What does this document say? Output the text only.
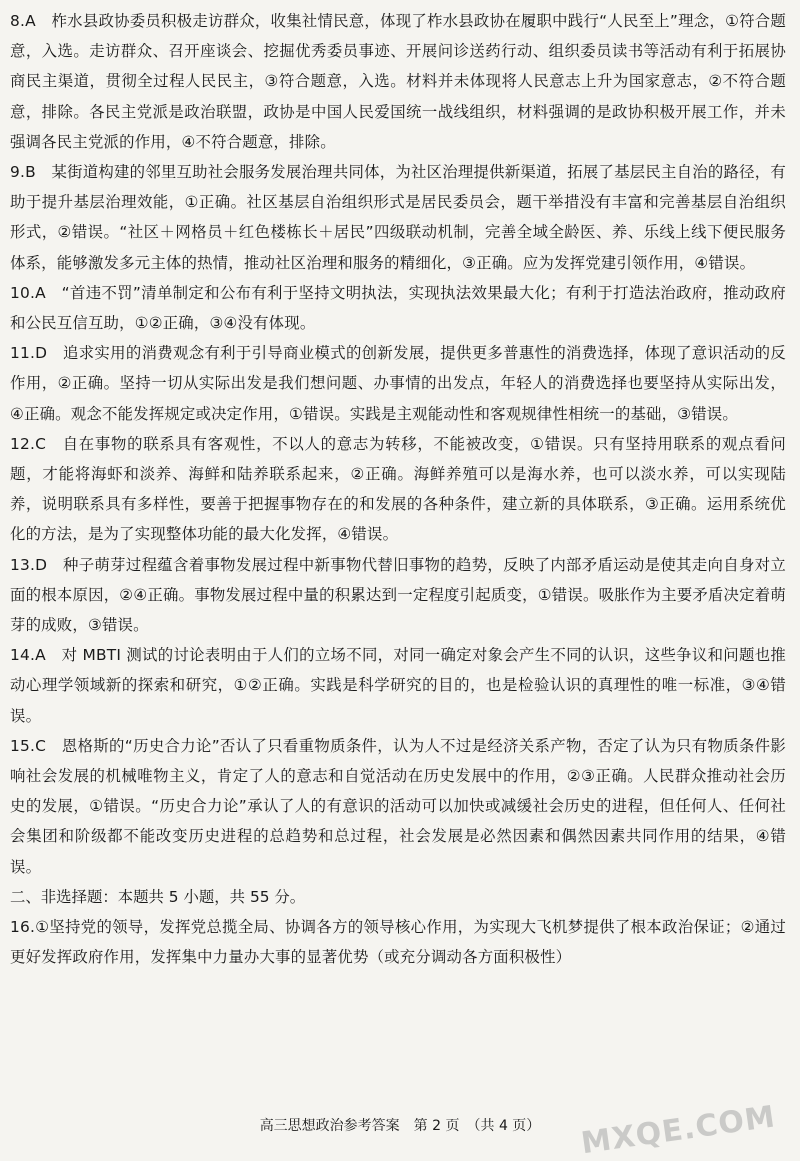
8.A　柞水县政协委员积极走访群众，收集社情民意，体现了柞水县政协在履职中践行“人民至上”理念，①符合题意，入选。走访群众、召开座谈会、挖掘优秀委员事迹、开展问诊送药行动、组织委员读书等活动有利于拓展协商民主渠道，贯彻全过程人民民主，③符合题意，入选。材料并未体现将人民意志上升为国家意志，②不符合题意，排除。各民主党派是政治联盟，政协是中国人民爱国统一战线组织，材料强调的是政协积极开展工作，并未强调各民主党派的作用，④不符合题意，排除。

9.B　某街道构建的邻里互助社会服务发展治理共同体，为社区治理提供新渠道，拓展了基层民主自治的路径，有助于提升基层治理效能，①正确。社区基层自治组织形式是居民委员会，题干举措没有丰富和完善基层自治组织形式，②错误。“社区＋网格员＋红色楼栋长＋居民”四级联动机制，完善全域全龄医、养、乐线上线下便民服务体系，能够激发多元主体的热情，推动社区治理和服务的精细化，③正确。应为发挥党建引领作用，④错误。

10.A　“首违不罚”清单制定和公布有利于坚持文明执法，实现执法效果最大化；有利于打造法治政府，推动政府和公民互信互助，①②正确，③④没有体现。

11.D　追求实用的消费观念有利于引导商业模式的创新发展，提供更多普惠性的消费选择，体现了意识活动的反作用，②正确。坚持一切从实际出发是我们想问题、办事情的出发点，年轻人的消费选择也要坚持从实际出发，④正确。观念不能发挥规定或决定作用，①错误。实践是主观能动性和客观规律性相统一的基础，③错误。

12.C　自在事物的联系具有客观性，不以人的意志为转移，不能被改变，①错误。只有坚持用联系的观点看问题，才能将海虾和淡养、海鲜和陆养联系起来，②正确。海鲜养殖可以是海水养，也可以淡水养，可以实现陆养，说明联系具有多样性，要善于把握事物存在的和发展的各种条件，建立新的具体联系，③正确。运用系统优化的方法，是为了实现整体功能的最大化发挥，④错误。

13.D　种子萌芽过程蕴含着事物发展过程中新事物代替旧事物的趋势，反映了内部矛盾运动是使其走向自身对立面的根本原因，②④正确。事物发展过程中量的积累达到一定程度引起质变，①错误。吸胀作为主要矛盾决定着萌芽的成败，③错误。

14.A　对 MBTI 测试的讨论表明由于人们的立场不同，对同一确定对象会产生不同的认识，这些争议和问题也推动心理学领域新的探索和研究，①②正确。实践是科学研究的目的，也是检验认识的真理性的唯一标准，③④错误。

15.C　恩格斯的“历史合力论”否认了只看重物质条件，认为人不过是经济关系产物，否定了认为只有物质条件影响社会发展的机械唯物主义，肯定了人的意志和自觉活动在历史发展中的作用，②③正确。人民群众推动社会历史的发展，①错误。“历史合力论”承认了人的有意识的活动可以加快或减缓社会历史的进程，但任何人、任何社会集团和阶级都不能改变历史进程的总趋势和总过程，社会发展是必然因素和偶然因素共同作用的结果，④错误。

二、非选择题：本题共 5 小题，共 55 分。

16.①坚持党的领导，发挥党总揽全局、协调各方的领导核心作用，为实现大飞机梦提供了根本政治保证；②通过更好发挥政府作用，发挥集中力量办大事的显著优势（或充分调动各方面积极性）

高三思想政治参考答案　第 2 页　（共 4 页）	MXQE.COM
